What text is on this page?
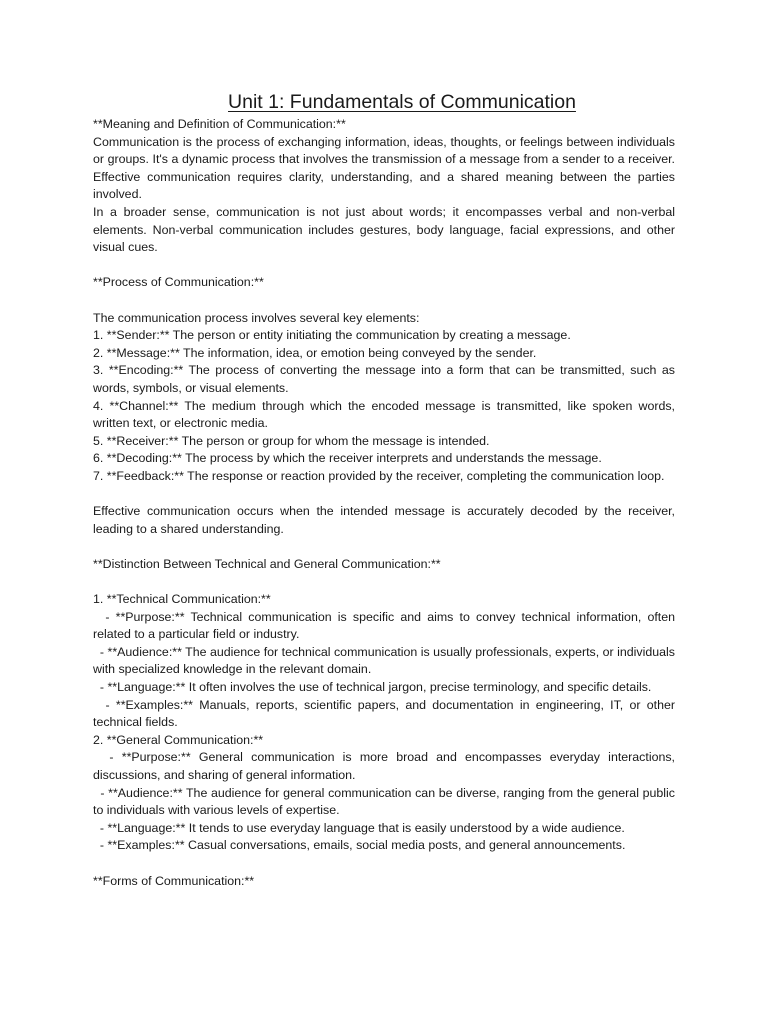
Unit 1: Fundamentals of Communication

**Meaning and Definition of Communication:**

Communication is the process of exchanging information, ideas, thoughts, or feelings between individuals or groups. It's a dynamic process that involves the transmission of a message from a sender to a receiver. Effective communication requires clarity, understanding, and a shared meaning between the parties involved.

In a broader sense, communication is not just about words; it encompasses verbal and non-verbal elements. Non-verbal communication includes gestures, body language, facial expressions, and other visual cues.

**Process of Communication:**

The communication process involves several key elements:

1. **Sender:** The person or entity initiating the communication by creating a message.

2. **Message:** The information, idea, or emotion being conveyed by the sender.

3. **Encoding:** The process of converting the message into a form that can be transmitted, such as words, symbols, or visual elements.

4. **Channel:** The medium through which the encoded message is transmitted, like spoken words, written text, or electronic media.

5. **Receiver:** The person or group for whom the message is intended.

6. **Decoding:** The process by which the receiver interprets and understands the message.

7. **Feedback:** The response or reaction provided by the receiver, completing the communication loop.

Effective communication occurs when the intended message is accurately decoded by the receiver, leading to a shared understanding.

**Distinction Between Technical and General Communication:**

1. **Technical Communication:**

- **Purpose:** Technical communication is specific and aims to convey technical information, often related to a particular field or industry.

- **Audience:** The audience for technical communication is usually professionals, experts, or individuals with specialized knowledge in the relevant domain.

- **Language:** It often involves the use of technical jargon, precise terminology, and specific details.

- **Examples:** Manuals, reports, scientific papers, and documentation in engineering, IT, or other technical fields.

2. **General Communication:**

- **Purpose:** General communication is more broad and encompasses everyday interactions, discussions, and sharing of general information.

- **Audience:** The audience for general communication can be diverse, ranging from the general public to individuals with various levels of expertise.

- **Language:** It tends to use everyday language that is easily understood by a wide audience.

- **Examples:** Casual conversations, emails, social media posts, and general announcements.

**Forms of Communication:**
